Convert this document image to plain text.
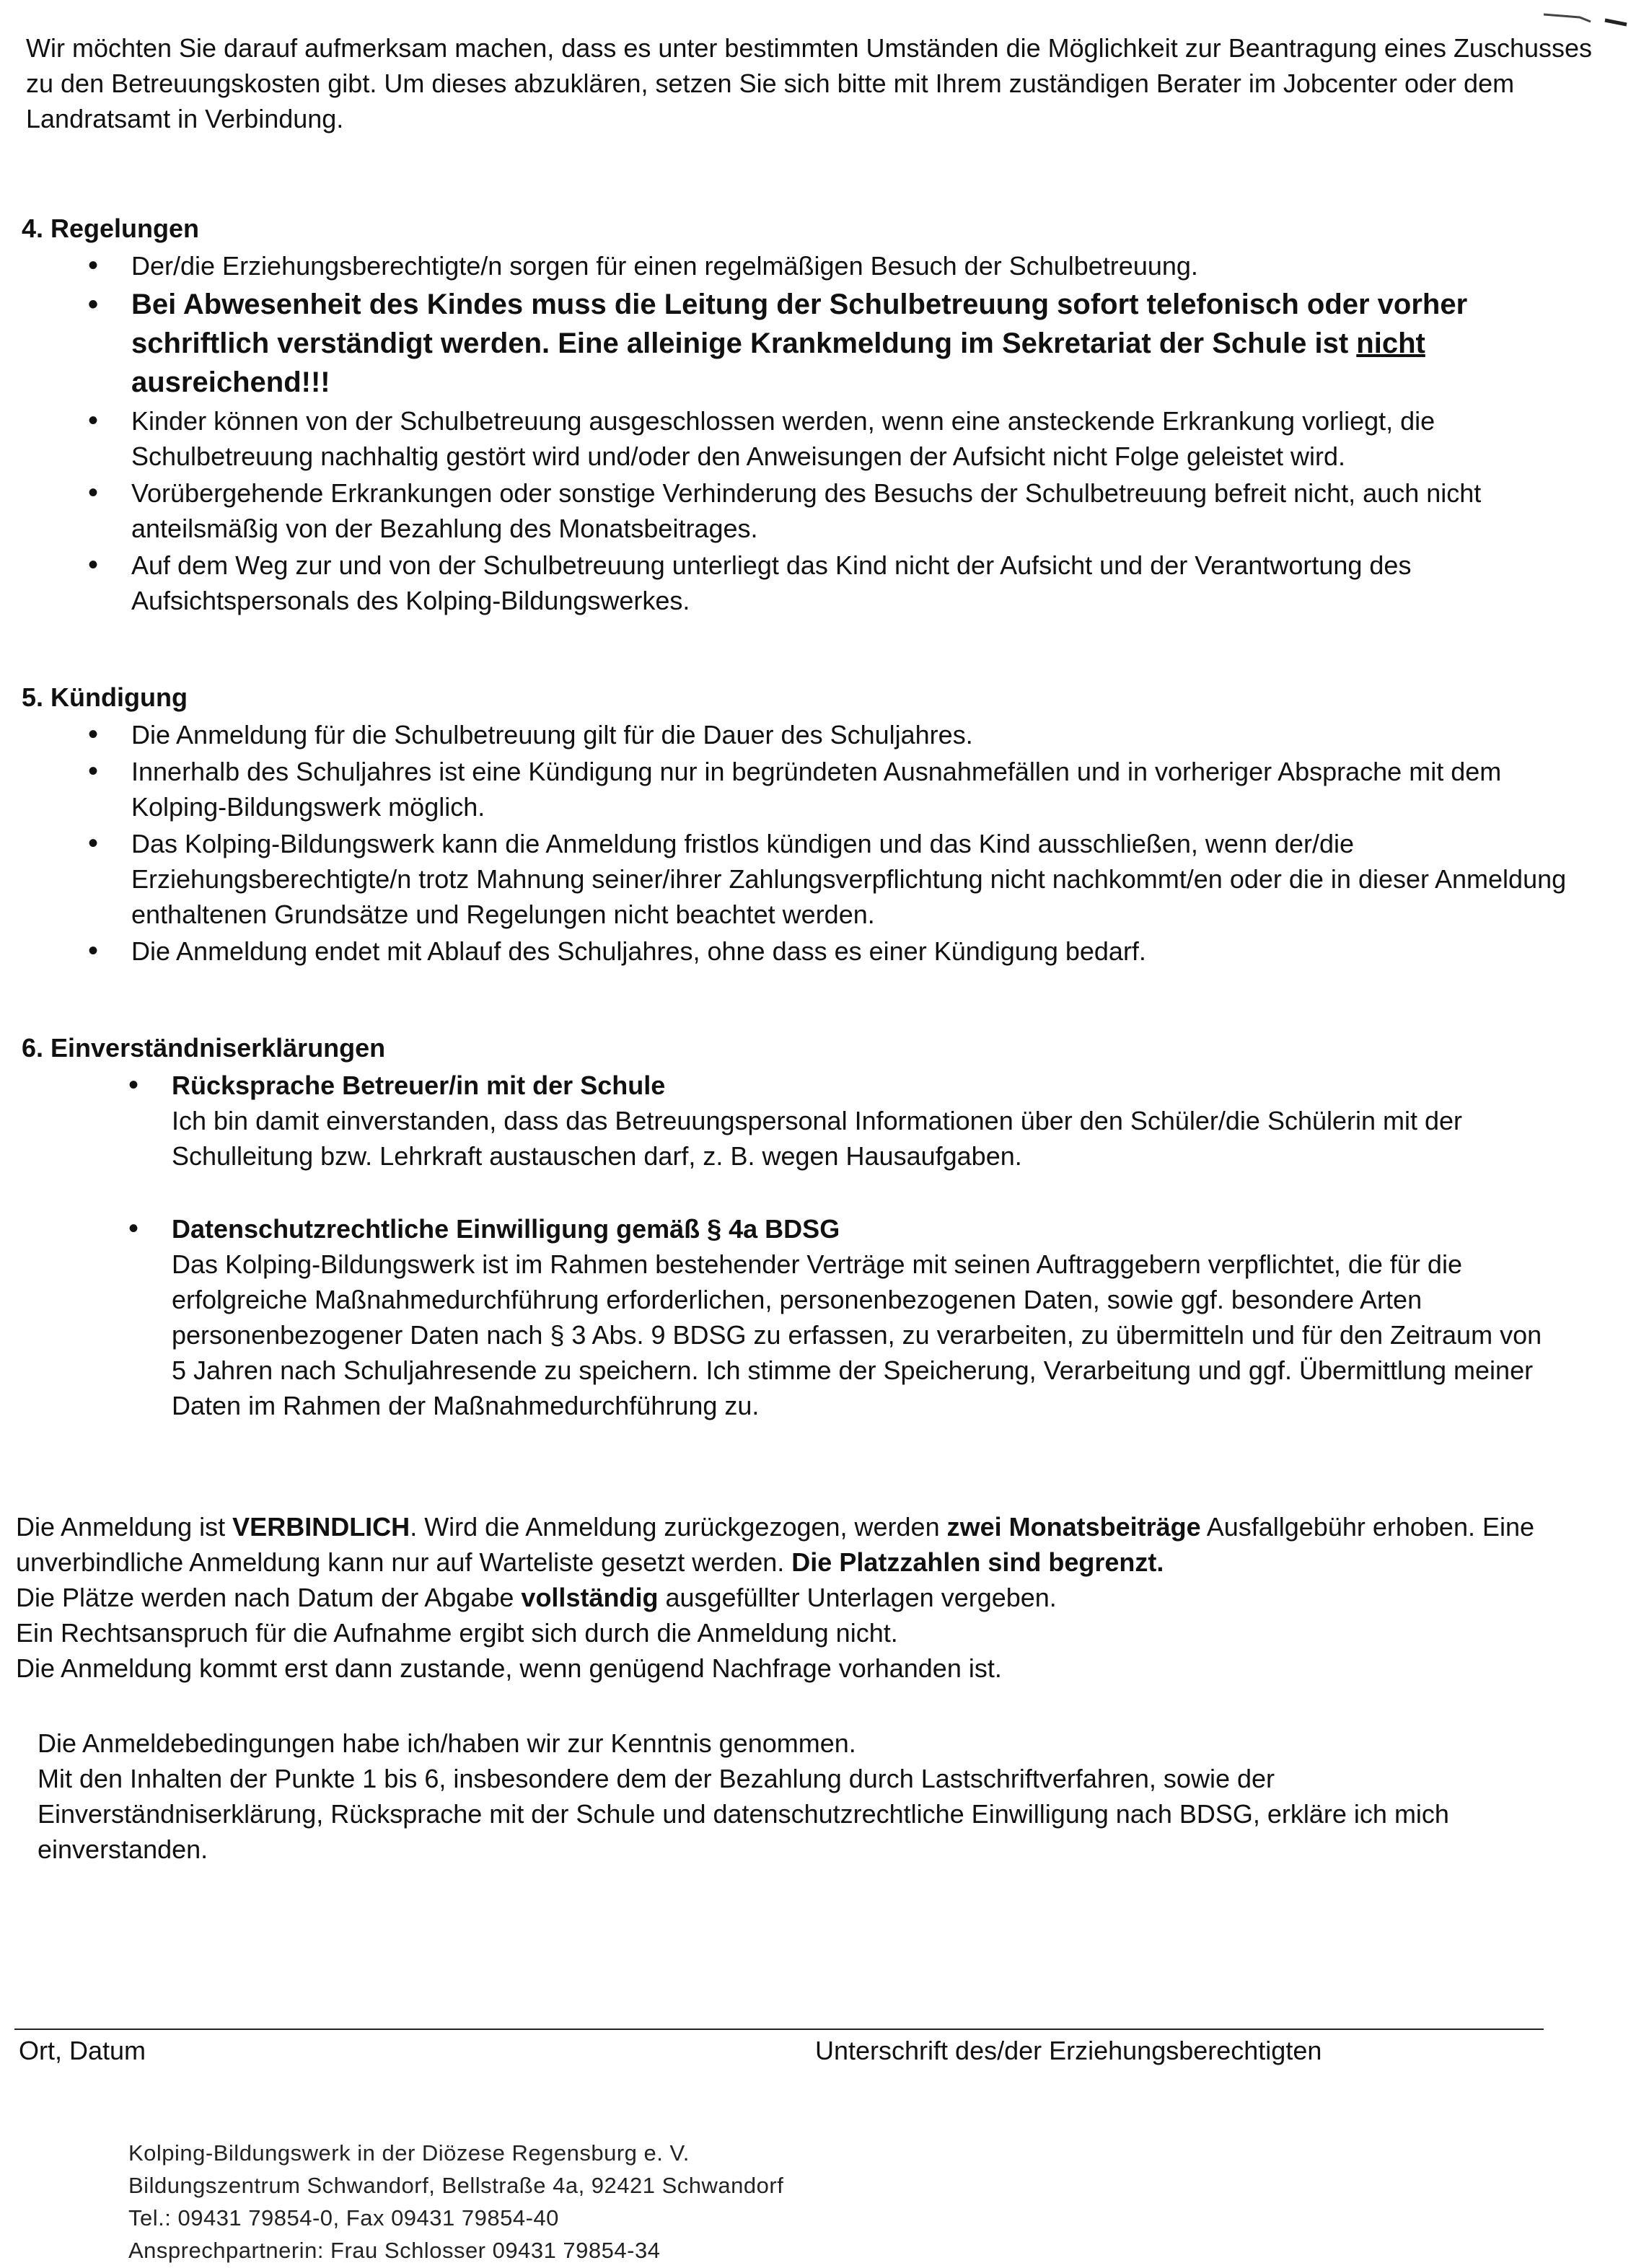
Wir möchten Sie darauf aufmerksam machen, dass es unter bestimmten Umständen die Möglichkeit zur Beantragung eines Zuschusses zu den Betreuungskosten gibt. Um dieses abzuklären, setzen Sie sich bitte mit Ihrem zuständigen Berater im Jobcenter oder dem Landratsamt in Verbindung.

4. Regelungen
• Der/die Erziehungsberechtigte/n sorgen für einen regelmäßigen Besuch der Schulbetreuung.
• Bei Abwesenheit des Kindes muss die Leitung der Schulbetreuung sofort telefonisch oder vorher schriftlich verständigt werden. Eine alleinige Krankmeldung im Sekretariat der Schule ist nicht ausreichend!!!
• Kinder können von der Schulbetreuung ausgeschlossen werden, wenn eine ansteckende Erkrankung vorliegt, die Schulbetreuung nachhaltig gestört wird und/oder den Anweisungen der Aufsicht nicht Folge geleistet wird.
• Vorübergehende Erkrankungen oder sonstige Verhinderung des Besuchs der Schulbetreuung befreit nicht, auch nicht anteilsmäßig von der Bezahlung des Monatsbeitrages.
• Auf dem Weg zur und von der Schulbetreuung unterliegt das Kind nicht der Aufsicht und der Verantwortung des Aufsichtspersonals des Kolping-Bildungswerkes.
5. Kündigung
• Die Anmeldung für die Schulbetreuung gilt für die Dauer des Schuljahres.
• Innerhalb des Schuljahres ist eine Kündigung nur in begründeten Ausnahmefällen und in vorheriger Absprache mit dem Kolping-Bildungswerk möglich.
• Das Kolping-Bildungswerk kann die Anmeldung fristlos kündigen und das Kind ausschließen, wenn der/die Erziehungsberechtigte/n trotz Mahnung seiner/ihrer Zahlungsverpflichtung nicht nachkommt/en oder die in dieser Anmeldung enthaltenen Grundsätze und Regelungen nicht beachtet werden.
• Die Anmeldung endet mit Ablauf des Schuljahres, ohne dass es einer Kündigung bedarf.
6. Einverständniserklärungen
• Rücksprache Betreuer/in mit der Schule
Ich bin damit einverstanden, dass das Betreuungspersonal Informationen über den Schüler/die Schülerin mit der Schulleitung bzw. Lehrkraft austauschen darf, z. B. wegen Hausaufgaben.
• Datenschutzrechtliche Einwilligung gemäß § 4a BDSG
Das Kolping-Bildungswerk ist im Rahmen bestehender Verträge mit seinen Auftraggebern verpflichtet, die für die erfolgreiche Maßnahmedurchführung erforderlichen, personenbezogenen Daten, sowie ggf. besondere Arten personenbezogener Daten nach § 3 Abs. 9 BDSG zu erfassen, zu verarbeiten, zu übermitteln und für den Zeitraum von 5 Jahren nach Schuljahresende zu speichern. Ich stimme der Speicherung, Verarbeitung und ggf. Übermittlung meiner Daten im Rahmen der Maßnahmedurchführung zu.
Die Anmeldung ist VERBINDLICH. Wird die Anmeldung zurückgezogen, werden zwei Monatsbeiträge Ausfallgebühr erhoben. Eine unverbindliche Anmeldung kann nur auf Warteliste gesetzt werden. Die Platzzahlen sind begrenzt.
Die Plätze werden nach Datum der Abgabe vollständig ausgefüllter Unterlagen vergeben.
Ein Rechtsanspruch für die Aufnahme ergibt sich durch die Anmeldung nicht.
Die Anmeldung kommt erst dann zustande, wenn genügend Nachfrage vorhanden ist.
Die Anmeldebedingungen habe ich/haben wir zur Kenntnis genommen.
Mit den Inhalten der Punkte 1 bis 6, insbesondere dem der Bezahlung durch Lastschriftverfahren, sowie der Einverständniserklärung, Rücksprache mit der Schule und datenschutzrechtliche Einwilligung nach BDSG, erkläre ich mich einverstanden.
Ort, Datum	Unterschrift des/der Erziehungsberechtigten
Kolping-Bildungswerk in der Diözese Regensburg e. V.
Bildungszentrum Schwandorf, Bellstraße 4a, 92421 Schwandorf
Tel.: 09431 79854-0, Fax 09431 79854-40
Ansprechpartnerin: Frau Schlosser 09431 79854-34
